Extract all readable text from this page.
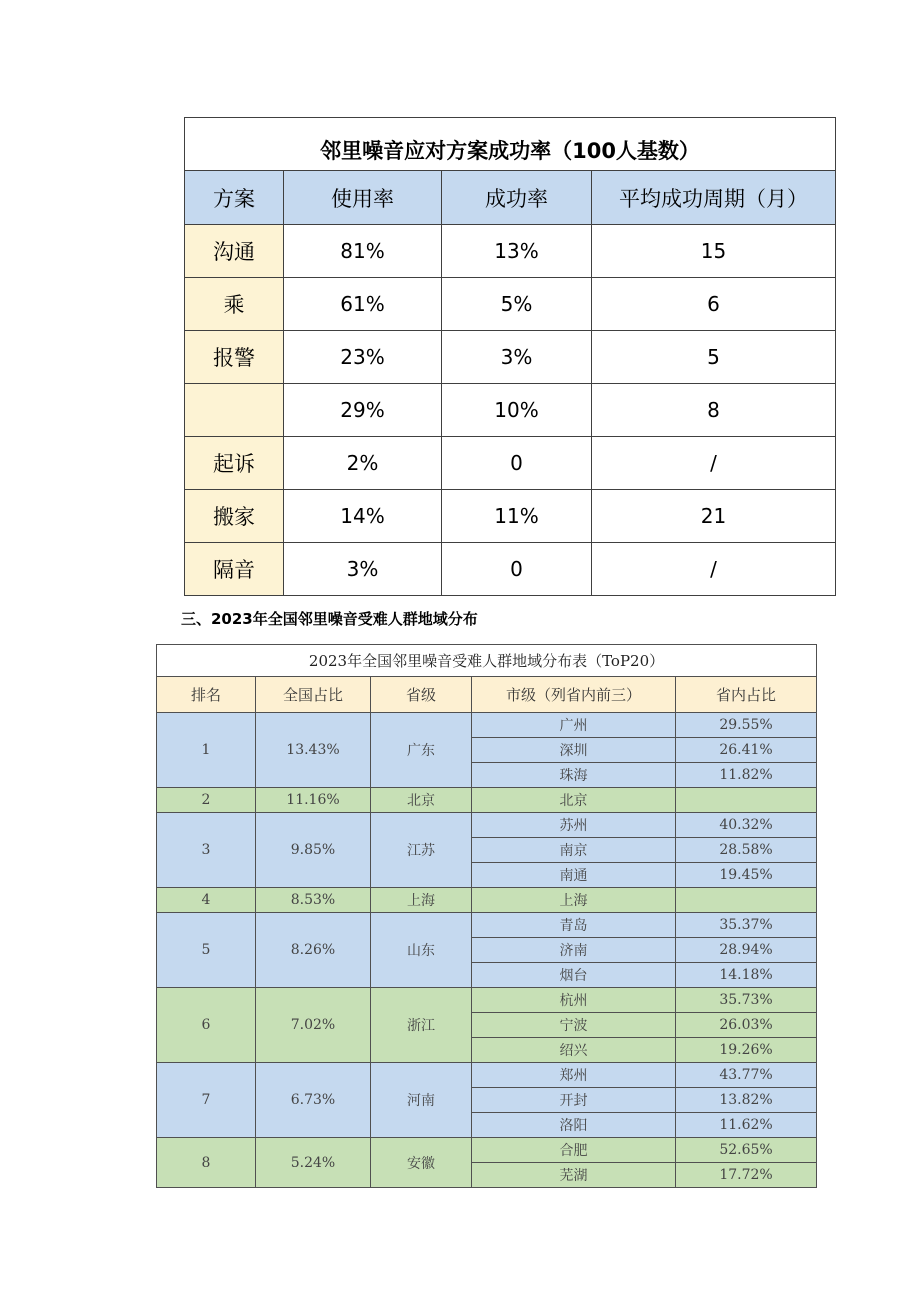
邻里噪音应对方案成功率（100人基数）			
方案	使用率	成功率	平均成功周期（月）
沟通	81%	13%	15
乘	61%	5%	6
报警	23%	3%	5
	29%	10%	8
起诉	2%	0	/
搬家	14%	11%	21
隔音	3%	0	/
三、2023年全国邻里噪音受难人群地域分布
2023年全国邻里噪音受难人群地域分布表（ToP20）				
排名	全国占比	省级	市级（列省内前三）	省内占比
1	13.43%	广东	广州	29.55%
			深圳	26.41%
			珠海	11.82%
2	11.16%	北京	北京	
3	9.85%	江苏	苏州	40.32%
			南京	28.58%
			南通	19.45%
4	8.53%	上海	上海	
5	8.26%	山东	青岛	35.37%
			济南	28.94%
			烟台	14.18%
6	7.02%	浙江	杭州	35.73%
			宁波	26.03%
			绍兴	19.26%
7	6.73%	河南	郑州	43.77%
			开封	13.82%
			洛阳	11.62%
8	5.24%	安徽	合肥	52.65%
			芜湖	17.72%
